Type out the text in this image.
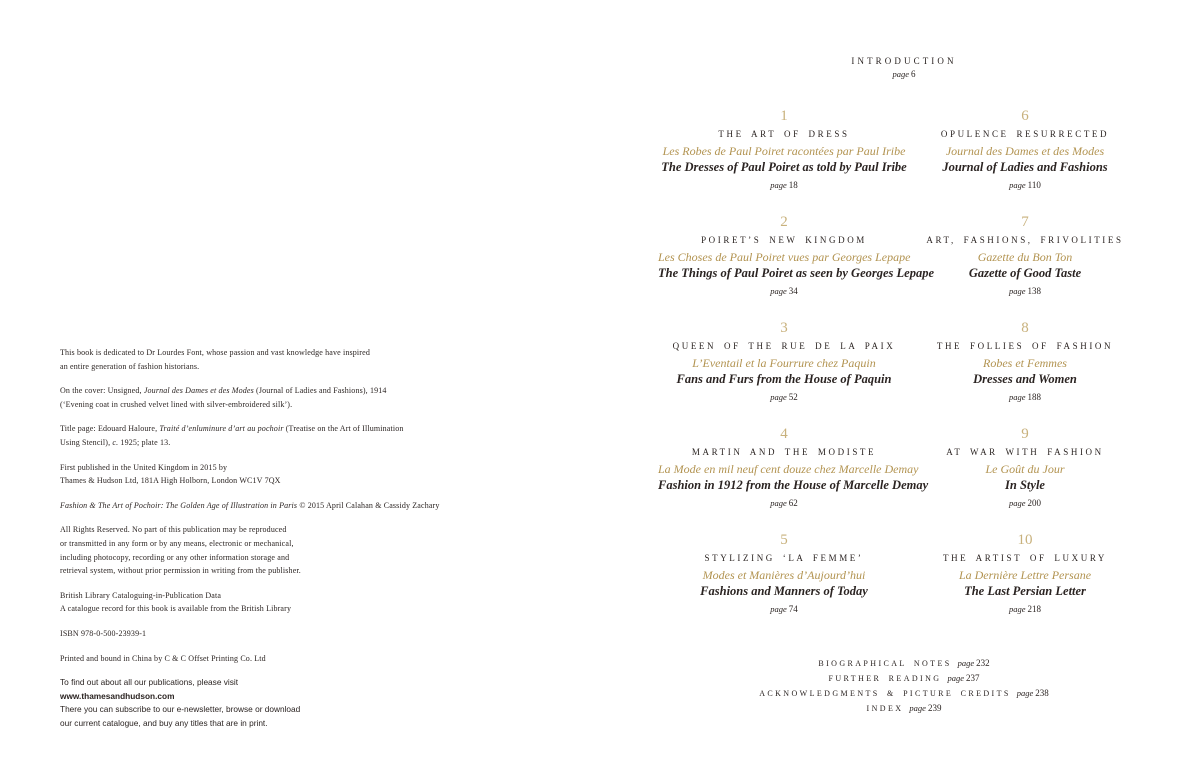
This book is dedicated to Dr Lourdes Font, whose passion and vast knowledge have inspired
an entire generation of fashion historians.
On the cover: Unsigned, Journal des Dames et des Modes (Journal of Ladies and Fashions), 1914
(‘Evening coat in crushed velvet lined with silver-embroidered silk’).
Title page: Edouard Haloure, Traité d’enluminure d’art au pochoir (Treatise on the Art of Illumination
Using Stencil), c. 1925; plate 13.
First published in the United Kingdom in 2015 by
Thames & Hudson Ltd, 181A High Holborn, London WC1V 7QX
Fashion & The Art of Pochoir: The Golden Age of Illustration in Paris © 2015 April Calahan & Cassidy Zachary
All Rights Reserved. No part of this publication may be reproduced
or transmitted in any form or by any means, electronic or mechanical,
including photocopy, recording or any other information storage and
retrieval system, without prior permission in writing from the publisher.
British Library Cataloguing-in-Publication Data
A catalogue record for this book is available from the British Library
ISBN 978-0-500-23939-1
Printed and bound in China by C & C Offset Printing Co. Ltd
To find out about all our publications, please visit
www.thamesandhudson.com
There you can subscribe to our e-newsletter, browse or download
our current catalogue, and buy any titles that are in print.
INTRODUCTION
page 6
1
THE ART OF DRESS
Les Robes de Paul Poiret racontées par Paul Iribe
The Dresses of Paul Poiret as told by Paul Iribe
page 18
2
POIRET’S NEW KINGDOM
Les Choses de Paul Poiret vues par Georges Lepape
The Things of Paul Poiret as seen by Georges Lepape
page 34
3
QUEEN OF THE RUE DE LA PAIX
L’Eventail et la Fourrure chez Paquin
Fans and Furs from the House of Paquin
page 52
4
MARTIN AND THE MODISTE
La Mode en mil neuf cent douze chez Marcelle Demay
Fashion in 1912 from the House of Marcelle Demay
page 62
5
STYLIZING ‘LA FEMME’
Modes et Manières d’Aujourd’hui
Fashions and Manners of Today
page 74
6
OPULENCE RESURRECTED
Journal des Dames et des Modes
Journal of Ladies and Fashions
page 110
7
ART, FASHIONS, FRIVOLITIES
Gazette du Bon Ton
Gazette of Good Taste
page 138
8
THE FOLLIES OF FASHION
Robes et Femmes
Dresses and Women
page 188
9
AT WAR WITH FASHION
Le Goût du Jour
In Style
page 200
10
THE ARTIST OF LUXURY
La Dernière Lettre Persane
The Last Persian Letter
page 218
BIOGRAPHICAL NOTES page 232
FURTHER READING page 237
ACKNOWLEDGMENTS & PICTURE CREDITS page 238
INDEX page 239
